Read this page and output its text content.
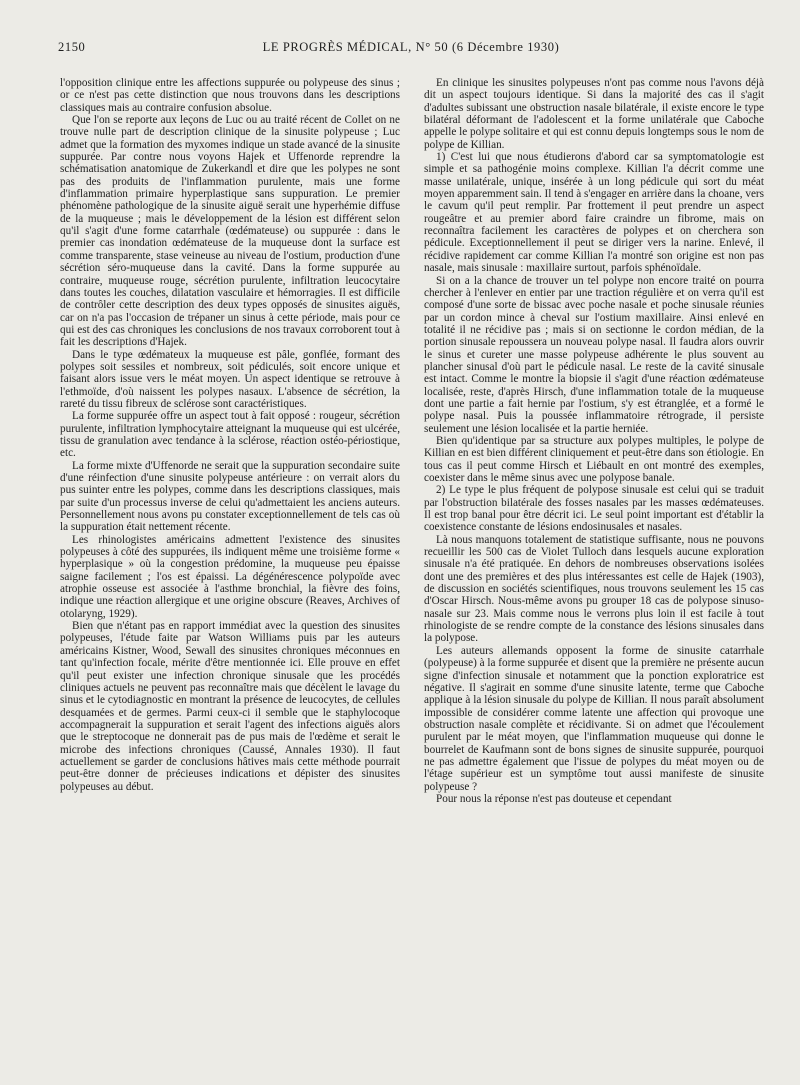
2150	LE PROGRÈS MÉDICAL, N° 50 (6 Décembre 1930)

l'opposition clinique entre les affections suppurée ou polypeuse des sinus ; or ce n'est pas cette distinction que nous trouvons dans les descriptions classiques mais au contraire confusion absolue.

Que l'on se reporte aux leçons de Luc ou au traité récent de Collet on ne trouve nulle part de description clinique de la sinusite polypeuse ; Luc admet que la formation des myxomes indique un stade avancé de la sinusite suppurée. Par contre nous voyons Hajek et Uffenorde reprendre la schématisation anatomique de Zukerkandl et dire que les polypes ne sont pas des produits de l'inflammation purulente, mais une forme d'inflammation primaire hyperplastique sans suppuration. Le premier phénomène pathologique de la sinusite aiguë serait une hyperhémie diffuse de la muqueuse ; mais le développement de la lésion est différent selon qu'il s'agit d'une forme catarrhale (œdémateuse) ou suppurée : dans le premier cas inondation œdémateuse de la muqueuse dont la surface est comme transparente, stase veineuse au niveau de l'ostium, production d'une sécrétion séro-muqueuse dans la cavité. Dans la forme suppurée au contraire, muqueuse rouge, sécrétion purulente, infiltration leucocytaire dans toutes les couches, dilatation vasculaire et hémorragies. Il est difficile de contrôler cette description des deux types opposés de sinusites aiguës, car on n'a pas l'occasion de trépaner un sinus à cette période, mais pour ce qui est des cas chroniques les conclusions de nos travaux corroborent tout à fait les descriptions d'Hajek.

Dans le type œdémateux la muqueuse est pâle, gonflée, formant des polypes soit sessiles et nombreux, soit pédiculés, soit encore unique et faisant alors issue vers le méat moyen. Un aspect identique se retrouve à l'ethmoïde, d'où naissent les polypes nasaux. L'absence de sécrétion, la rareté du tissu fibreux de sclérose sont caractéristiques.

La forme suppurée offre un aspect tout à fait opposé : rougeur, sécrétion purulente, infiltration lymphocytaire atteignant la muqueuse qui est ulcérée, tissu de granulation avec tendance à la sclérose, réaction ostéo-périostique, etc.

La forme mixte d'Uffenorde ne serait que la suppuration secondaire suite d'une réinfection d'une sinusite polypeuse antérieure : on verrait alors du pus suinter entre les polypes, comme dans les descriptions classiques, mais par suite d'un processus inverse de celui qu'admettaient les anciens auteurs. Personnellement nous avons pu constater exceptionnellement de tels cas où la suppuration était nettement récente.

Les rhinologistes américains admettent l'existence des sinusites polypeuses à côté des suppurées, ils indiquent même une troisième forme « hyperplasique » où la congestion prédomine, la muqueuse peu épaisse saigne facilement ; l'os est épaissi. La dégénérescence polypoïde avec atrophie osseuse est associée à l'asthme bronchial, la fièvre des foins, indique une réaction allergique et une origine obscure (Reaves, Archives of otolaryng, 1929).

Bien que n'étant pas en rapport immédiat avec la question des sinusites polypeuses, l'étude faite par Watson Williams puis par les auteurs américains Kistner, Wood, Sewall des sinusites chroniques méconnues en tant qu'infection focale, mérite d'être mentionnée ici. Elle prouve en effet qu'il peut exister une infection chronique sinusale que les procédés cliniques actuels ne peuvent pas reconnaître mais que décèlent le lavage du sinus et le cytodiagnostic en montrant la présence de leucocytes, de cellules desquamées et de germes. Parmi ceux-ci il semble que le staphylocoque accompagnerait la suppuration et serait l'agent des infections aiguës alors que le streptocoque ne donnerait pas de pus mais de l'œdème et serait le microbe des infections chroniques (Caussé, Annales 1930). Il faut actuellement se garder de conclusions hâtives mais cette méthode pourrait peut-être donner de précieuses indications et dépister des sinusites polypeuses au début.

En clinique les sinusites polypeuses n'ont pas comme nous l'avons déjà dit un aspect toujours identique. Si dans la majorité des cas il s'agit d'adultes subissant une obstruction nasale bilatérale, il existe encore le type bilatéral déformant de l'adolescent et la forme unilatérale que Caboche appelle le polype solitaire et qui est connu depuis longtemps sous le nom de polype de Killian.

1) C'est lui que nous étudierons d'abord car sa symptomatologie est simple et sa pathogénie moins complexe. Killian l'a décrit comme une masse unilatérale, unique, insérée à un long pédicule qui sort du méat moyen apparemment sain. Il tend à s'engager en arrière dans la choane, vers le cavum qu'il peut remplir. Par frottement il peut prendre un aspect rougeâtre et au premier abord faire craindre un fibrome, mais on reconnaîtra facilement les caractères de polypes et on cherchera son pédicule. Exceptionnellement il peut se diriger vers la narine. Enlevé, il récidive rapidement car comme Killian l'a montré son origine est non pas nasale, mais sinusale : maxillaire surtout, parfois sphénoïdale.

Si on a la chance de trouver un tel polype non encore traité on pourra chercher à l'enlever en entier par une traction régulière et on verra qu'il est composé d'une sorte de bissac avec poche nasale et poche sinusale réunies par un cordon mince à cheval sur l'ostium maxillaire. Ainsi enlevé en totalité il ne récidive pas ; mais si on sectionne le cordon médian, de la portion sinusale repoussera un nouveau polype nasal. Il faudra alors ouvrir le sinus et cureter une masse polypeuse adhérente le plus souvent au plancher sinusal d'où part le pédicule nasal. Le reste de la cavité sinusale est intact. Comme le montre la biopsie il s'agit d'une réaction œdémateuse localisée, reste, d'après Hirsch, d'une inflammation totale de la muqueuse dont une partie a fait hernie par l'ostium, s'y est étranglée, et a formé le polype nasal. Puis la poussée inflammatoire rétrograde, il persiste seulement une lésion localisée et la partie herniée.

Bien qu'identique par sa structure aux polypes multiples, le polype de Killian en est bien différent cliniquement et peut-être dans son étiologie. En tous cas il peut comme Hirsch et Liébault en ont montré des exemples, coexister dans le même sinus avec une polypose banale.

2) Le type le plus fréquent de polypose sinusale est celui qui se traduit par l'obstruction bilatérale des fosses nasales par les masses œdémateuses. Il est trop banal pour être décrit ici. Le seul point important est d'établir la coexistence constante de lésions endosinusales et nasales.

Là nous manquons totalement de statistique suffisante, nous ne pouvons recueillir les 500 cas de Violet Tulloch dans lesquels aucune exploration sinusale n'a été pratiquée. En dehors de nombreuses observations isolées dont une des premières et des plus intéressantes est celle de Hajek (1903), de discussion en sociétés scientifiques, nous trouvons seulement les 15 cas d'Oscar Hirsch. Nous-même avons pu grouper 18 cas de polypose sinuso-nasale sur 23. Mais comme nous le verrons plus loin il est facile à tout rhinologiste de se rendre compte de la constance des lésions sinusales dans la polypose.

Les auteurs allemands opposent la forme de sinusite catarrhale (polypeuse) à la forme suppurée et disent que la première ne présente aucun signe d'infection sinusale et notamment que la ponction exploratrice est négative. Il s'agirait en somme d'une sinusite latente, terme que Caboche applique à la lésion sinusale du polype de Killian. Il nous paraît absolument impossible de considérer comme latente une affection qui provoque une obstruction nasale complète et récidivante. Si on admet que l'écoulement purulent par le méat moyen, que l'inflammation muqueuse qui donne le bourrelet de Kaufmann sont de bons signes de sinusite suppurée, pourquoi ne pas admettre également que l'issue de polypes du méat moyen ou de l'étage supérieur est un symptôme tout aussi manifeste de sinusite polypeuse ?

Pour nous la réponse n'est pas douteuse et cependant
